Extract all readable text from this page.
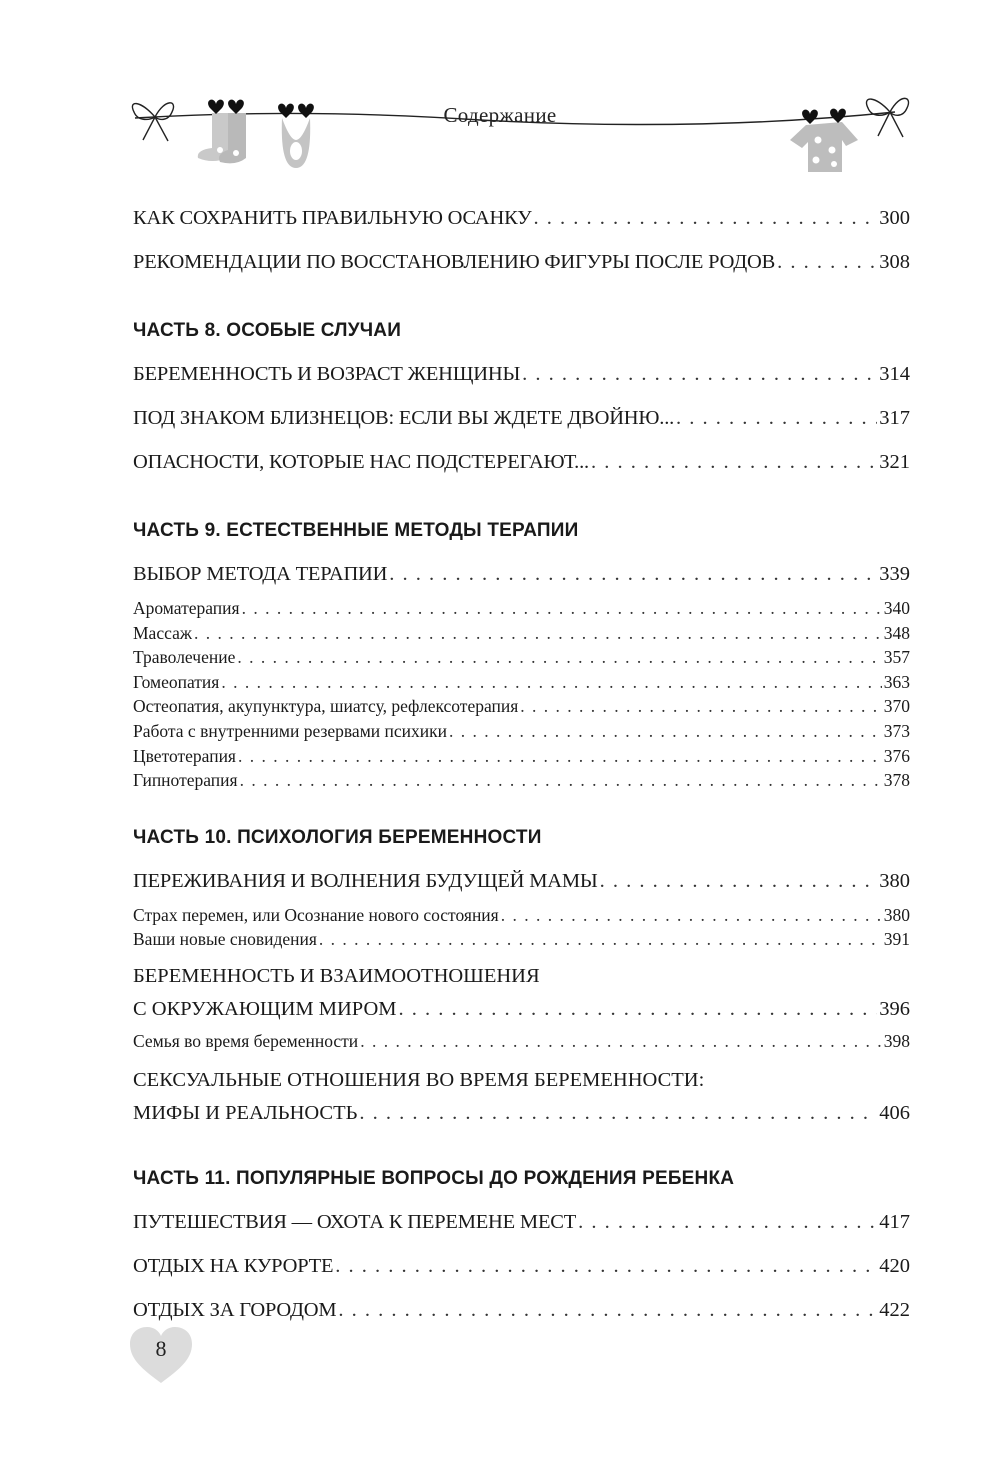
Содержание
КАК СОХРАНИТЬ ПРАВИЛЬНУЮ ОСАНКУ . . .	300
РЕКОМЕНДАЦИИ ПО ВОССТАНОВЛЕНИЮ ФИГУРЫ ПОСЛЕ РОДОВ . . .	308
ЧАСТЬ 8. ОСОБЫЕ СЛУЧАИ
БЕРЕМЕННОСТЬ И ВОЗРАСТ ЖЕНЩИНЫ . . .	314
ПОД ЗНАКОМ БЛИЗНЕЦОВ: ЕСЛИ ВЫ ЖДЕТЕ ДВОЙНЮ... . . .	317
ОПАСНОСТИ, КОТОРЫЕ НАС ПОДСТЕРЕГАЮТ... . . .	321
ЧАСТЬ 9. ЕСТЕСТВЕННЫЕ МЕТОДЫ ТЕРАПИИ
ВЫБОР МЕТОДА ТЕРАПИИ . . .	339
Ароматерапия . . .	340
Массаж . . .	348
Траволечение . . .	357
Гомеопатия . . .	363
Остеопатия, акупунктура, шиатсу, рефлексотерапия . . .	370
Работа с внутренними резервами психики . . .	373
Цветотерапия . . .	376
Гипнотерапия . . .	378
ЧАСТЬ 10. ПСИХОЛОГИЯ БЕРЕМЕННОСТИ
ПЕРЕЖИВАНИЯ И ВОЛНЕНИЯ БУДУЩЕЙ МАМЫ . . .	380
Страх перемен, или Осознание нового состояния . . .	380
Ваши новые сновидения . . .	391
БЕРЕМЕННОСТЬ И ВЗАИМООТНОШЕНИЯ
С ОКРУЖАЮЩИМ МИРОМ . . .	396
Семья во время беременности . . .	398
СЕКСУАЛЬНЫЕ ОТНОШЕНИЯ ВО ВРЕМЯ БЕРЕМЕННОСТИ:
МИФЫ И РЕАЛЬНОСТЬ . . .	406
ЧАСТЬ 11. ПОПУЛЯРНЫЕ ВОПРОСЫ ДО РОЖДЕНИЯ РЕБЕНКА
ПУТЕШЕСТВИЯ — ОХОТА К ПЕРЕМЕНЕ МЕСТ . . .	417
ОТДЫХ НА КУРОРТЕ . . .	420
ОТДЫХ ЗА ГОРОДОМ . . .	422
8
